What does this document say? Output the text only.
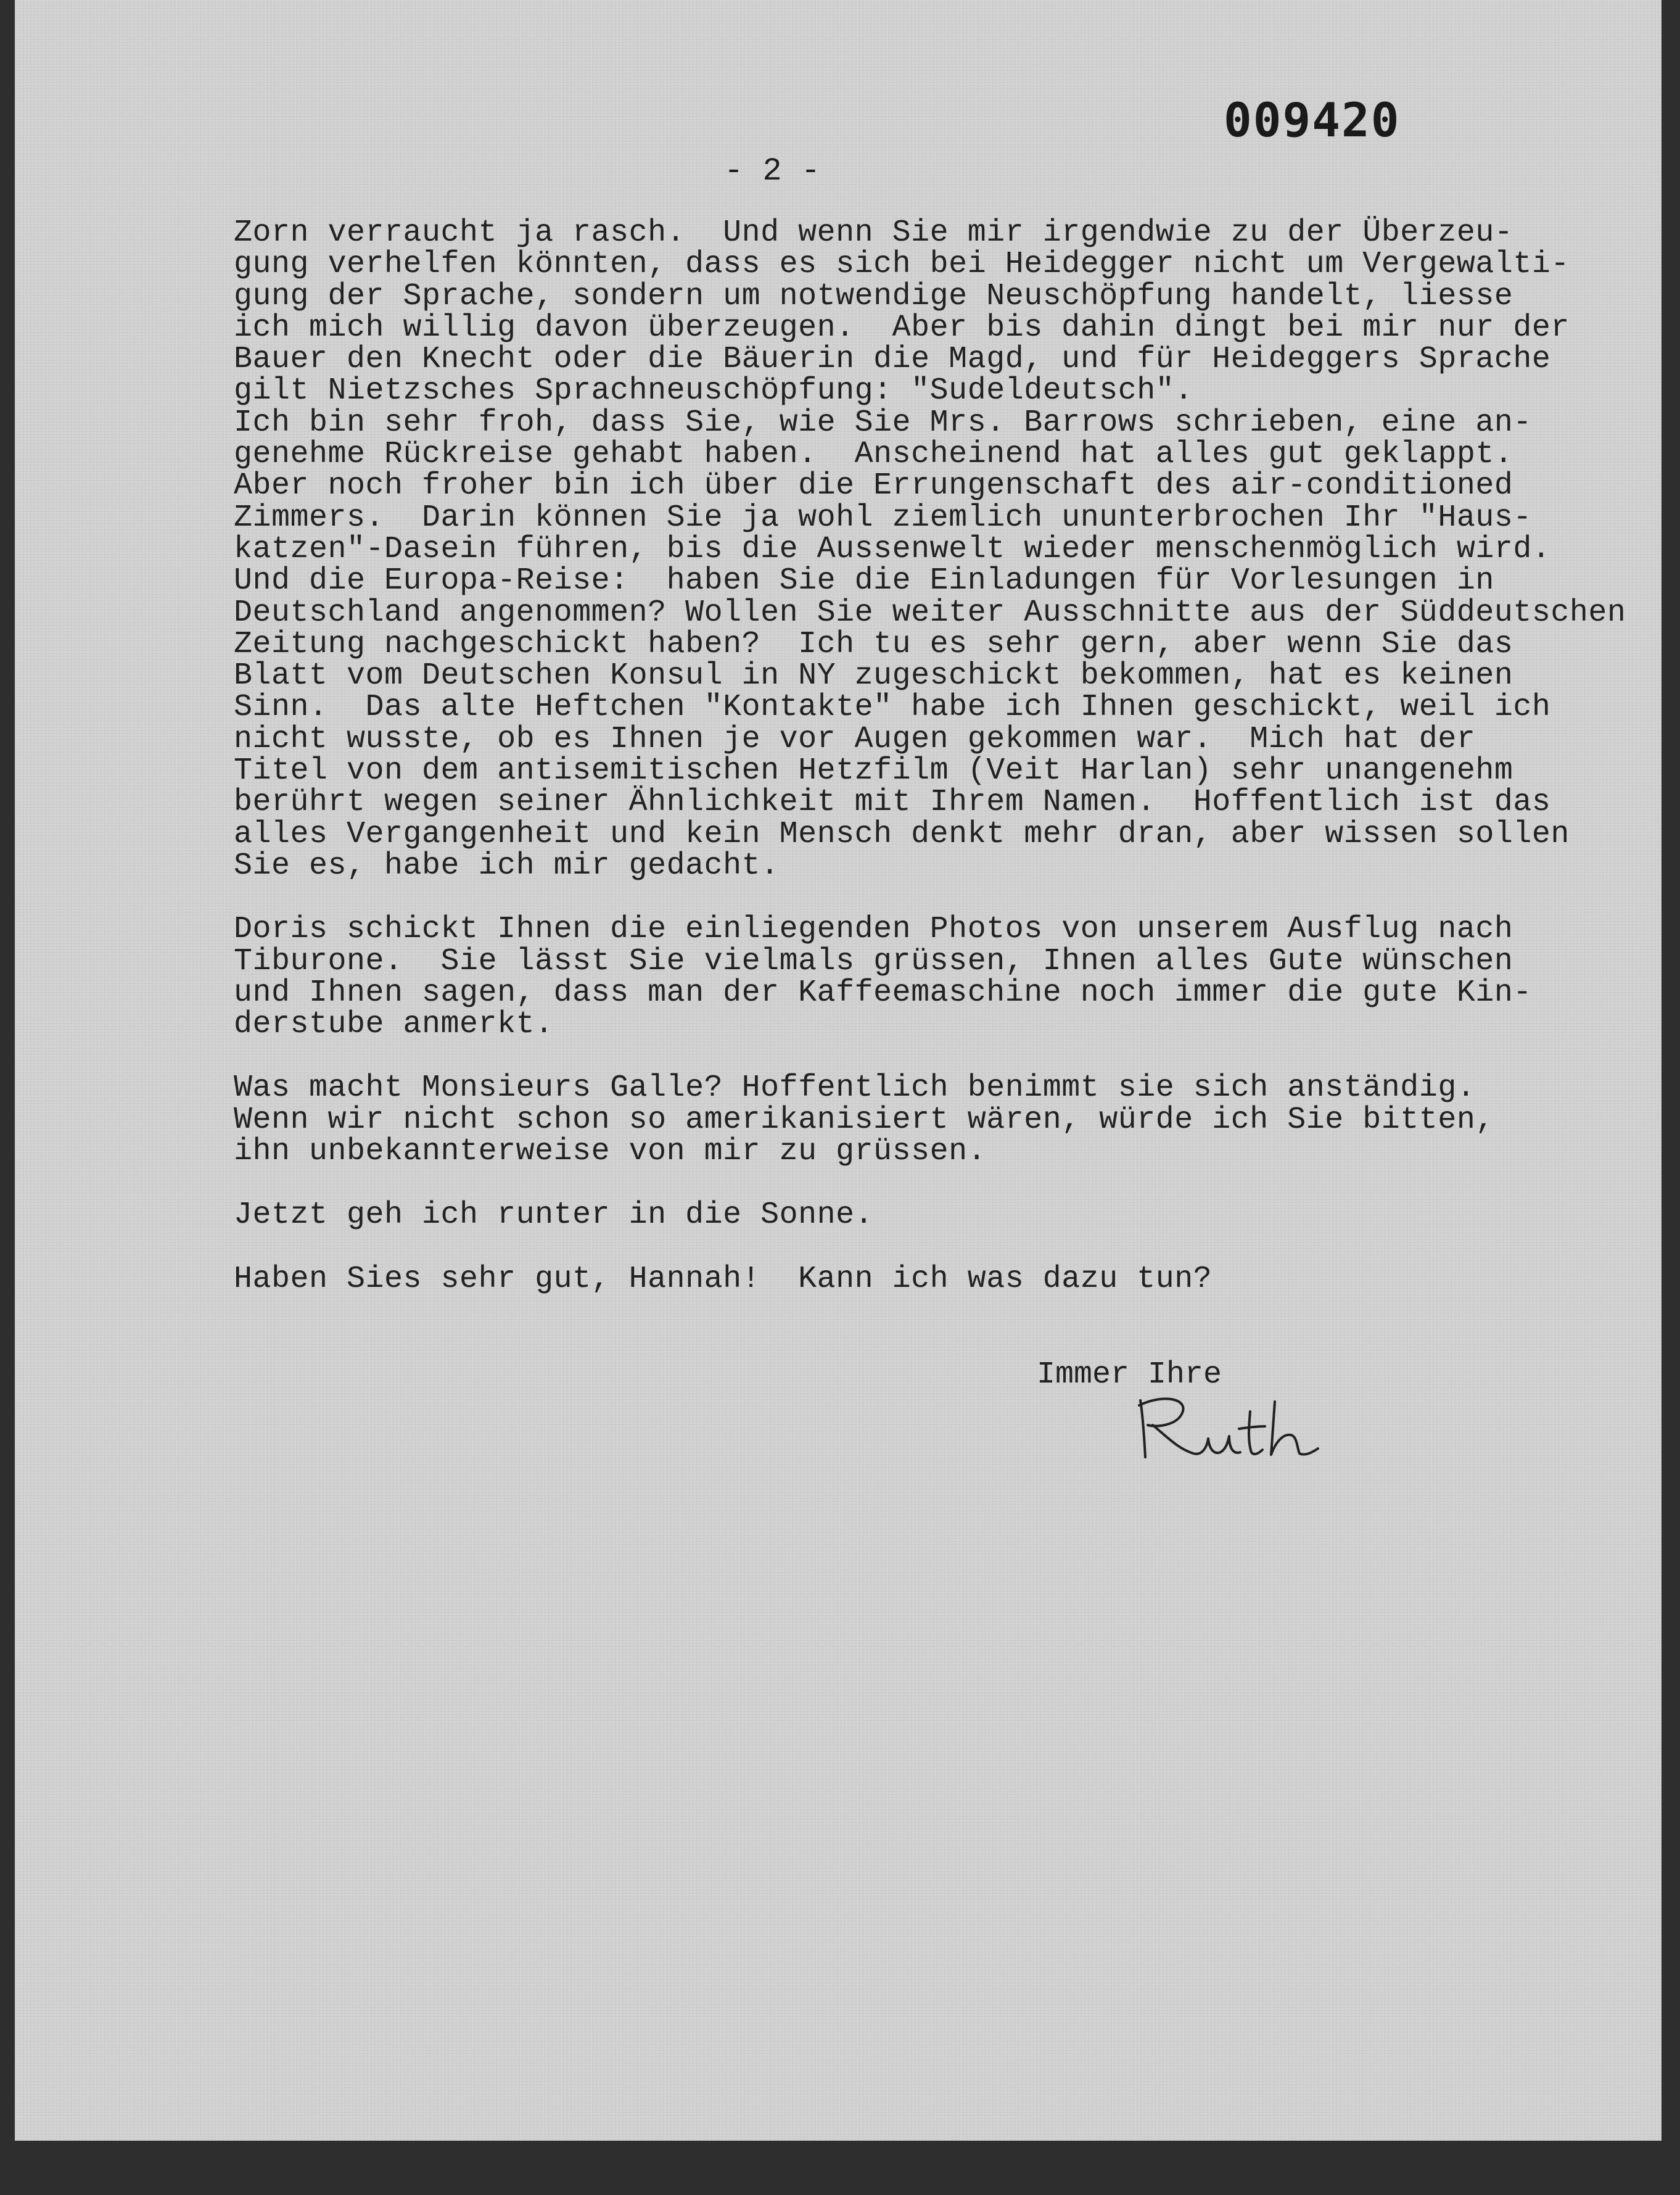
009420
- 2 -
Zorn verraucht ja rasch.  Und wenn Sie mir irgendwie zu der Überzeu-
gung verhelfen könnten, dass es sich bei Heidegger nicht um Vergewalti-
gung der Sprache, sondern um notwendige Neuschöpfung handelt, liesse
ich mich willig davon überzeugen.  Aber bis dahin dingt bei mir nur der
Bauer den Knecht oder die Bäuerin die Magd, und für Heideggers Sprache
gilt Nietzsches Sprachneuschöpfung: "Sudeldeutsch".
Ich bin sehr froh, dass Sie, wie Sie Mrs. Barrows schrieben, eine an-
genehme Rückreise gehabt haben.  Anscheinend hat alles gut geklappt.
Aber noch froher bin ich über die Errungenschaft des air-conditioned
Zimmers.  Darin können Sie ja wohl ziemlich ununterbrochen Ihr "Haus-
katzen"-Dasein führen, bis die Aussenwelt wieder menschenmöglich wird.
Und die Europa-Reise:  haben Sie die Einladungen für Vorlesungen in
Deutschland angenommen? Wollen Sie weiter Ausschnitte aus der Süddeutschen
Zeitung nachgeschickt haben?  Ich tu es sehr gern, aber wenn Sie das
Blatt vom Deutschen Konsul in NY zugeschickt bekommen, hat es keinen
Sinn.  Das alte Heftchen "Kontakte" habe ich Ihnen geschickt, weil ich
nicht wusste, ob es Ihnen je vor Augen gekommen war.  Mich hat der
Titel von dem antisemitischen Hetzfilm (Veit Harlan) sehr unangenehm
berührt wegen seiner Ähnlichkeit mit Ihrem Namen.  Hoffentlich ist das
alles Vergangenheit und kein Mensch denkt mehr dran, aber wissen sollen
Sie es, habe ich mir gedacht.
Doris schickt Ihnen die einliegenden Photos von unserem Ausflug nach
Tiburone.  Sie lässt Sie vielmals grüssen, Ihnen alles Gute wünschen
und Ihnen sagen, dass man der Kaffeemaschine noch immer die gute Kin-
derstube anmerkt.
Was macht Monsieurs Galle? Hoffentlich benimmt sie sich anständig.
Wenn wir nicht schon so amerikanisiert wären, würde ich Sie bitten,
ihn unbekannterweise von mir zu grüssen.
Jetzt geh ich runter in die Sonne.
Haben Sies sehr gut, Hannah!  Kann ich was dazu tun?
Immer Ihre
